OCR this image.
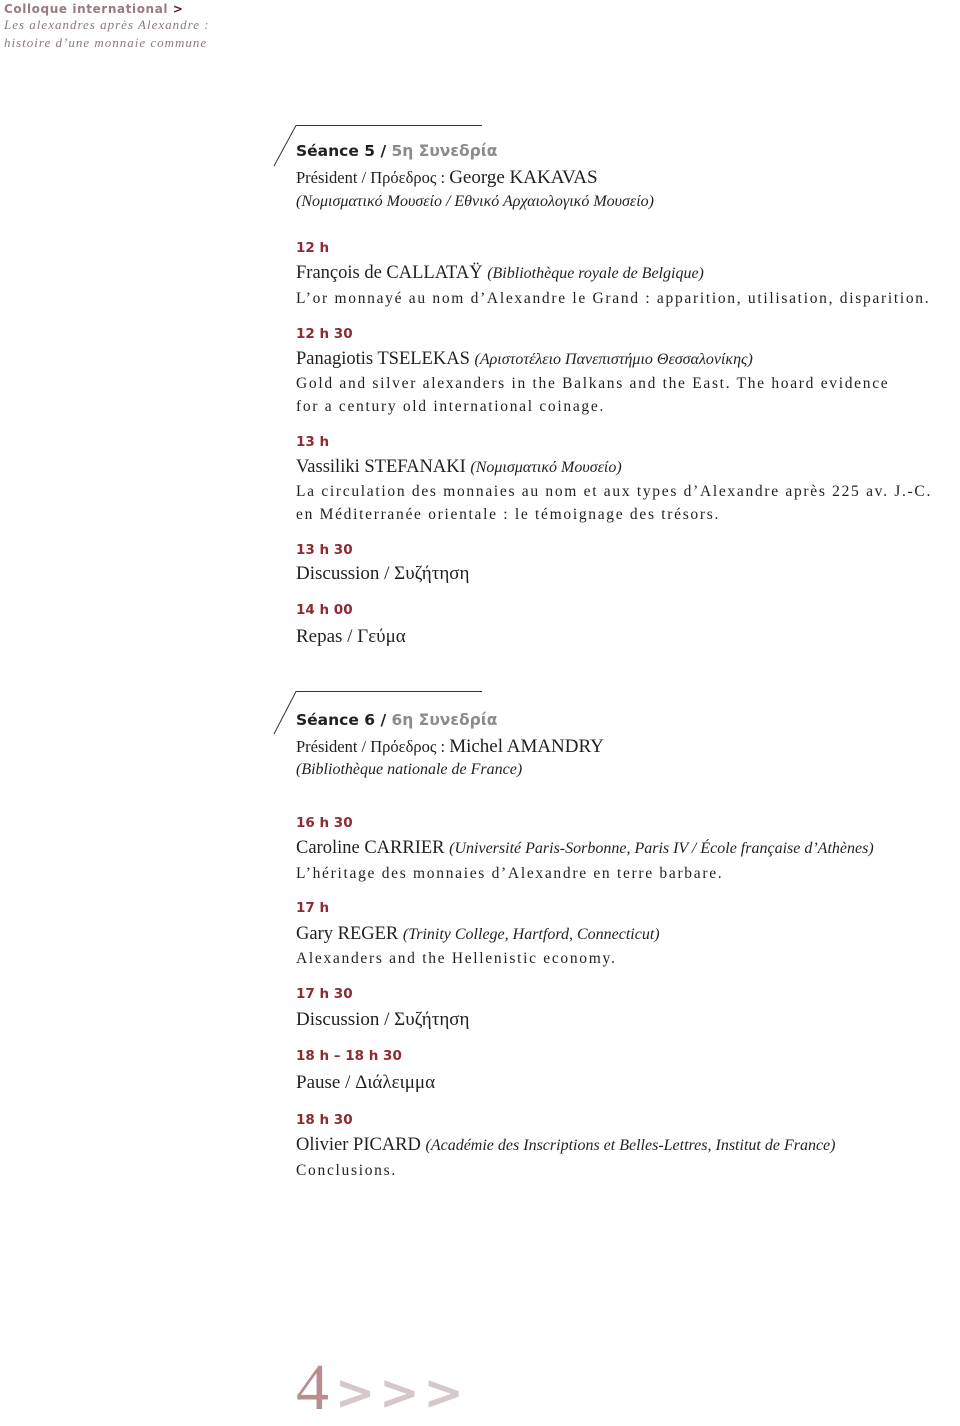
Colloque international >
Les alexandres après Alexandre :
histoire d’une monnaie commune
Séance 5 / 5η Συνεδρία
Président / Πρόεδρος : George KAKAVAS
(Νομισματικό Μουσείο / Εθνικό Αρχαιολογικό Μουσείο)
12 h
François de CALLATAŸ (Bibliothèque royale de Belgique)
L’or monnayé au nom d’Alexandre le Grand : apparition, utilisation, disparition.
12 h 30
Panagiotis TSELEKAS (Αριστοτέλειο Πανεπιστήμιο Θεσσαλονίκης)
Gold and silver alexanders in the Balkans and the East. The hoard evidence
for a century old international coinage.
13 h
Vassiliki STEFANAKI (Νομισματικό Μουσείο)
La circulation des monnaies au nom et aux types d’Alexandre après 225 av. J.-C.
en Méditerranée orientale : le témoignage des trésors.
13 h 30
Discussion / Συζήτηση
14 h 00
Repas / Γεύμα
Séance 6 / 6η Συνεδρία
Président / Πρόεδρος : Michel AMANDRY
(Bibliothèque nationale de France)
16 h 30
Caroline CARRIER (Université Paris-Sorbonne, Paris IV / École française d’Athènes)
L’héritage des monnaies d’Alexandre en terre barbare.
17 h
Gary REGER (Trinity College, Hartford, Connecticut)
Alexanders and the Hellenistic economy.
17 h 30
Discussion / Συζήτηση
18 h – 18 h 30
Pause / Διάλειμμα
18 h 30
Olivier PICARD (Académie des Inscriptions et Belles-Lettres, Institut de France)
Conclusions.
4 >>>
